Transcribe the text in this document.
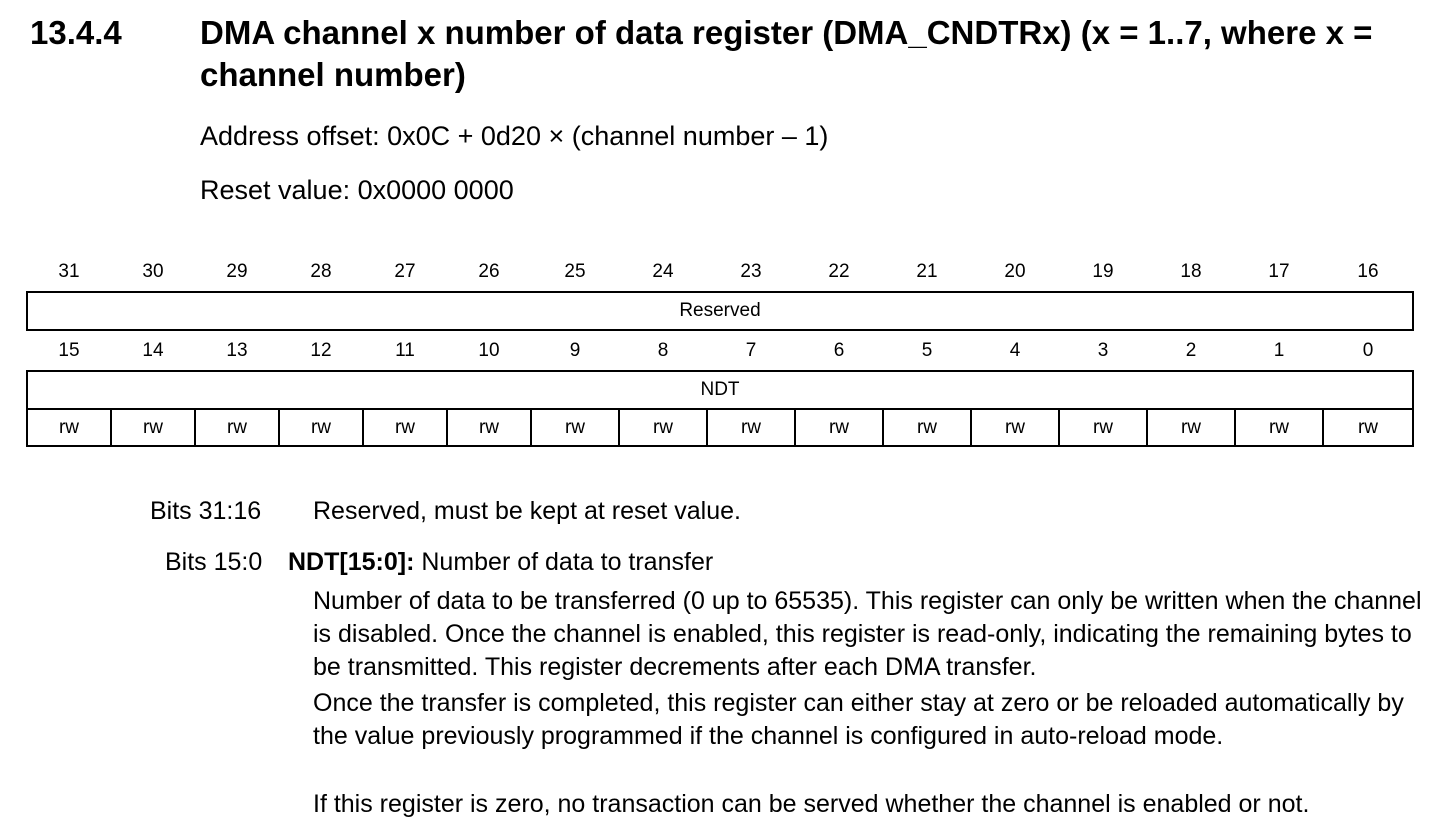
13.4.4 DMA channel x number of data register (DMA_CNDTRx) (x = 1..7, where x = channel number)

Address offset: 0x0C + 0d20 × (channel number – 1)

Reset value: 0x0000 0000

31	30	29	28	27	26	25	24	23	22	21	20	19	18	17	16
Reserved															
15	14	13	12	11	10	9	8	7	6	5	4	3	2	1	0
NDT															
rw	rw	rw	rw	rw	rw	rw	rw	rw	rw	rw	rw	rw	rw	rw	rw
Bits 31:16 Reserved, must be kept at reset value.
Bits 15:0 NDT[15:0]: Number of data to transfer

Number of data to be transferred (0 up to 65535). This register can only be written when the channel is disabled. Once the channel is enabled, this register is read-only, indicating the remaining bytes to be transmitted. This register decrements after each DMA transfer.

Once the transfer is completed, this register can either stay at zero or be reloaded automatically by the value previously programmed if the channel is configured in auto-reload mode.

If this register is zero, no transaction can be served whether the channel is enabled or not.
